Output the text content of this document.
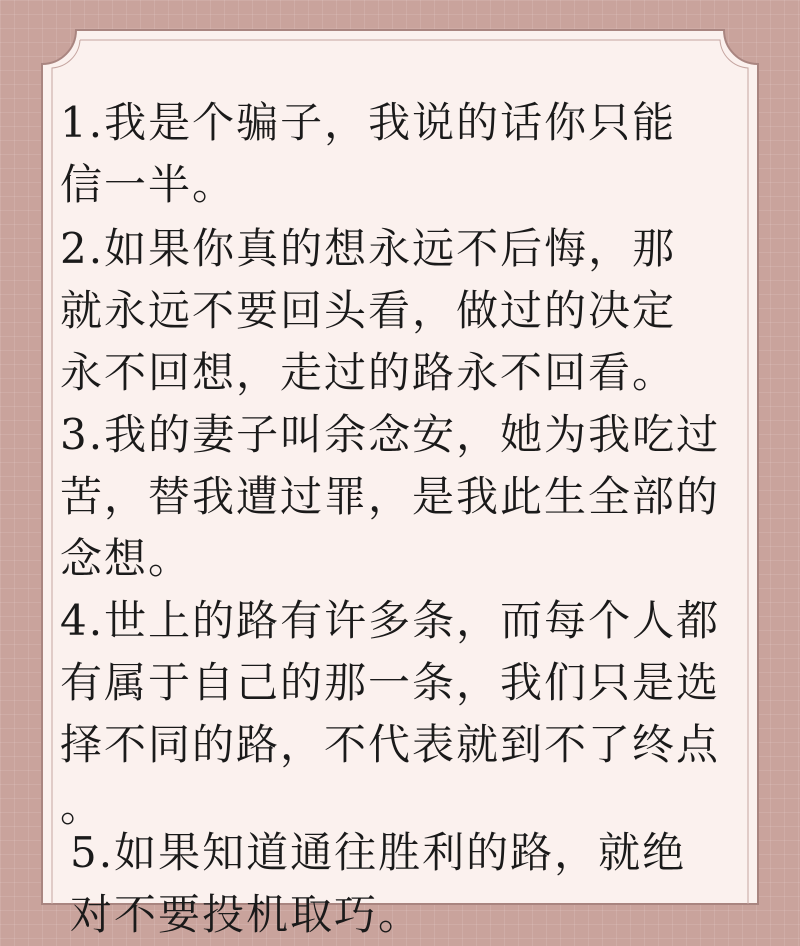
1.我是个骗子，我说的话你只能
信一半。
2.如果你真的想永远不后悔，那
就永远不要回头看，做过的决定
永不回想，走过的路永不回看。
3.我的妻子叫余念安，她为我吃过
苦，替我遭过罪，是我此生全部的
念想。
4.世上的路有许多条，而每个人都
有属于自己的那一条，我们只是选
择不同的路，不代表就到不了终点
。
5.如果知道通往胜利的路，就绝
对不要投机取巧。
